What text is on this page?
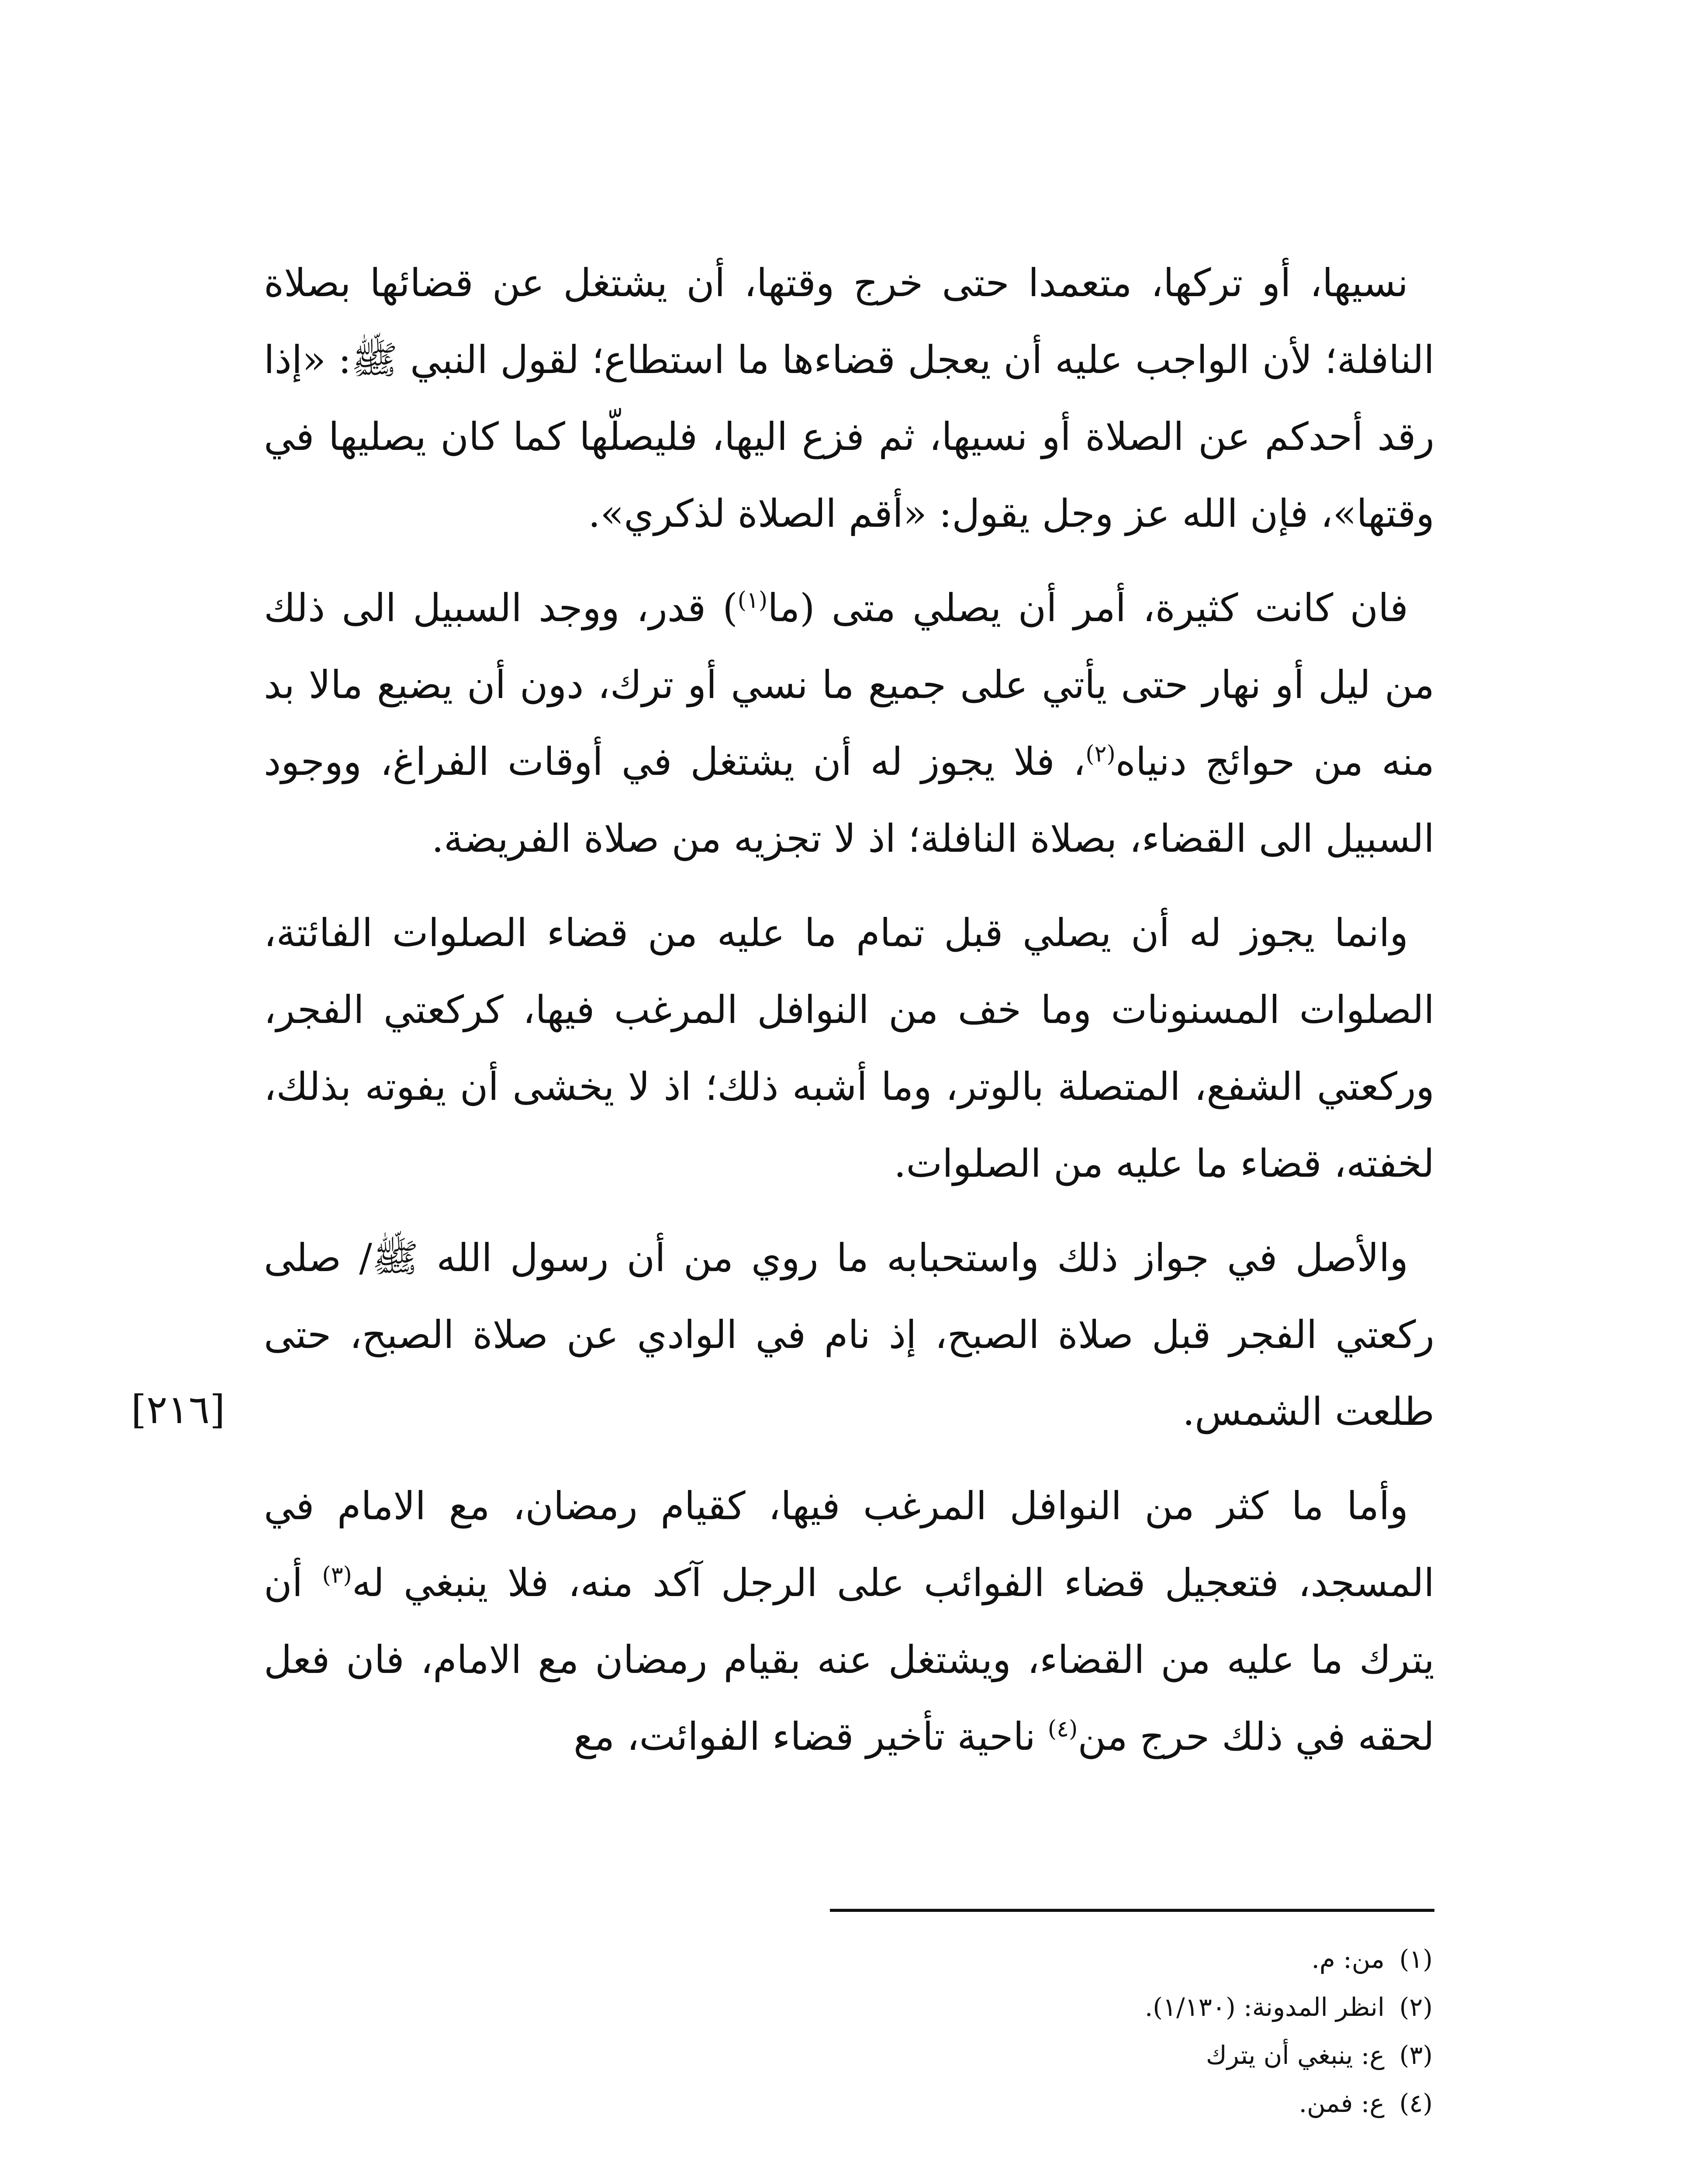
نسيها، أو تركها، متعمدا حتى خرج وقتها، أن يشتغل عن قضائها بصلاة النافلة؛ لأن الواجب عليه أن يعجل قضاءها ما استطاع؛ لقول النبي ﷺ: «إذا رقد أحدكم عن الصلاة أو نسيها، ثم فزع اليها، فليصلّها كما كان يصليها في وقتها»، فإن الله عز وجل يقول: «أقم الصلاة لذكري».

فان كانت كثيرة، أمر أن يصلي متى (ما$^{(١)}$) قدر، ووجد السبيل الى ذلك من ليل أو نهار حتى يأتي على جميع ما نسي أو ترك، دون أن يضيع مالا بد منه من حوائج دنياه$^{(٢)}$، فلا يجوز له أن يشتغل في أوقات الفراغ، ووجود السبيل الى القضاء، بصلاة النافلة؛ اذ لا تجزيه من صلاة الفريضة.

وانما يجوز له أن يصلي قبل تمام ما عليه من قضاء الصلوات الفائتة، الصلوات المسنونات وما خف من النوافل المرغب فيها، كركعتي الفجر، وركعتي الشفع، المتصلة بالوتر، وما أشبه ذلك؛ اذ لا يخشى أن يفوته بذلك، لخفته، قضاء ما عليه من الصلوات.

والأصل في جواز ذلك واستحبابه ما روي من أن رسول الله ﷺ/ صلى ركعتي الفجر قبل صلاة الصبح، إذ نام في الوادي عن صلاة الصبح، حتى طلعت الشمس.

وأما ما كثر من النوافل المرغب فيها، كقيام رمضان، مع الامام في المسجد، فتعجيل قضاء الفوائب على الرجل آكد منه، فلا ينبغي له$^{(٣)}$ أن يترك ما عليه من القضاء، ويشتغل عنه بقيام رمضان مع الامام، فان فعل لحقه في ذلك حرج من$^{(٤)}$ ناحية تأخير قضاء الفوائت، مع

[٢١٦]

(١)من: م.

(٢)انظر المدونة: (١/١٣٠).

(٣)ع: ينبغي أن يترك

(٤)ع: فمن.
